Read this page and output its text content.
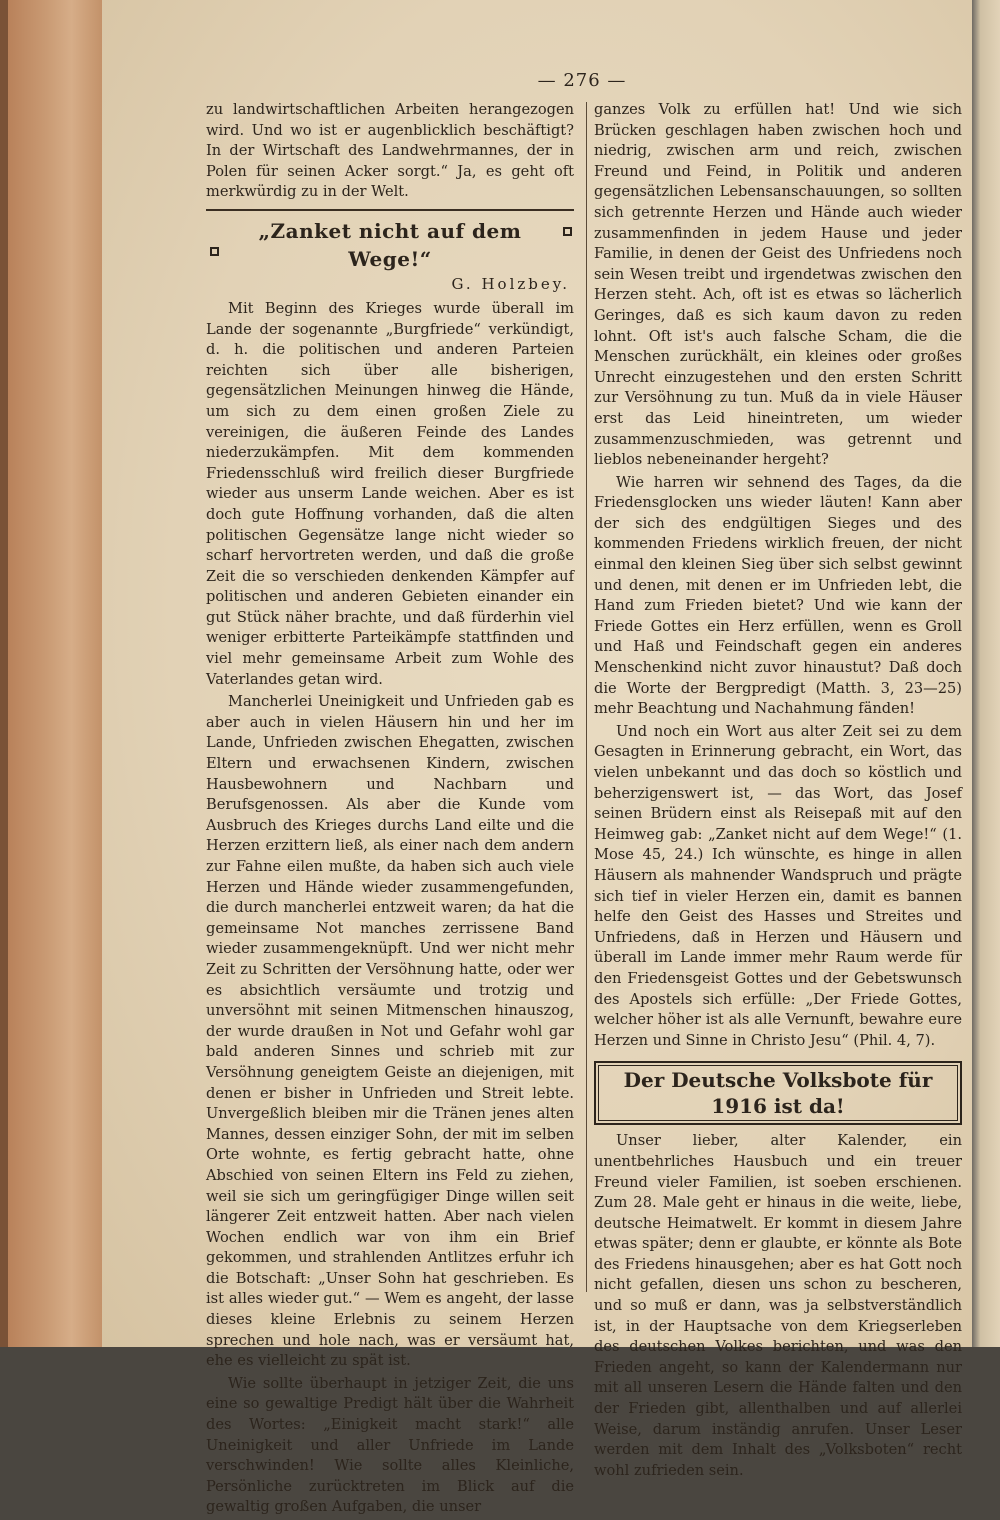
— 276 —

zu landwirtschaftlichen Arbeiten herangezogen wird. Und wo ist er augenblicklich beschäftigt? In der Wirtschaft des Landwehrmannes, der in Polen für seinen Acker sorgt.“ Ja, es geht oft merkwürdig zu in der Welt.

„Zanket nicht auf dem Wege!“
G. Holzbey.

Mit Beginn des Krieges wurde überall im Lande der sogenannte „Burgfriede“ verkündigt, d. h. die politischen und anderen Parteien reichten sich über alle bisherigen, gegensätzlichen Meinungen hinweg die Hände, um sich zu dem einen großen Ziele zu vereinigen, die äußeren Feinde des Landes niederzukämpfen. Mit dem kommenden Friedensschluß wird freilich dieser Burgfriede wieder aus unserm Lande weichen. Aber es ist doch gute Hoffnung vorhanden, daß die alten politischen Gegensätze lange nicht wieder so scharf hervortreten werden, und daß die große Zeit die so verschieden denkenden Kämpfer auf politischen und anderen Gebieten einander ein gut Stück näher brachte, und daß fürderhin viel weniger erbitterte Parteikämpfe stattfinden und viel mehr gemeinsame Arbeit zum Wohle des Vaterlandes getan wird.

Mancherlei Uneinigkeit und Unfrieden gab es aber auch in vielen Häusern hin und her im Lande, Unfrieden zwischen Ehegatten, zwischen Eltern und erwachsenen Kindern, zwischen Hausbewohnern und Nachbarn und Berufsgenossen. Als aber die Kunde vom Ausbruch des Krieges durchs Land eilte und die Herzen erzittern ließ, als einer nach dem andern zur Fahne eilen mußte, da haben sich auch viele Herzen und Hände wieder zusammengefunden, die durch mancherlei entzweit waren; da hat die gemeinsame Not manches zerrissene Band wieder zusammengeknüpft. Und wer nicht mehr Zeit zu Schritten der Versöhnung hatte, oder wer es absichtlich versäumte und trotzig und unversöhnt mit seinen Mitmenschen hinauszog, der wurde draußen in Not und Gefahr wohl gar bald anderen Sinnes und schrieb mit zur Versöhnung geneigtem Geiste an diejenigen, mit denen er bisher in Unfrieden und Streit lebte. Unvergeßlich bleiben mir die Tränen jenes alten Mannes, dessen einziger Sohn, der mit im selben Orte wohnte, es fertig gebracht hatte, ohne Abschied von seinen Eltern ins Feld zu ziehen, weil sie sich um geringfügiger Dinge willen seit längerer Zeit entzweit hatten. Aber nach vielen Wochen endlich war von ihm ein Brief gekommen, und strahlenden Antlitzes erfuhr ich die Botschaft: „Unser Sohn hat geschrieben. Es ist alles wieder gut.“ — Wem es angeht, der lasse dieses kleine Erlebnis zu seinem Herzen sprechen und hole nach, was er versäumt hat, ehe es vielleicht zu spät ist.

Wie sollte überhaupt in jetziger Zeit, die uns eine so gewaltige Predigt hält über die Wahrheit des Wortes: „Einigkeit macht stark!“ alle Uneinigkeit und aller Unfriede im Lande verschwinden! Wie sollte alles Kleinliche, Persönliche zurücktreten im Blick auf die gewaltig großen Aufgaben, die unser

ganzes Volk zu erfüllen hat! Und wie sich Brücken geschlagen haben zwischen hoch und niedrig, zwischen arm und reich, zwischen Freund und Feind, in Politik und anderen gegensätzlichen Lebensanschauungen, so sollten sich getrennte Herzen und Hände auch wieder zusammenfinden in jedem Hause und jeder Familie, in denen der Geist des Unfriedens noch sein Wesen treibt und irgendetwas zwischen den Herzen steht. Ach, oft ist es etwas so lächerlich Geringes, daß es sich kaum davon zu reden lohnt. Oft ist's auch falsche Scham, die die Menschen zurückhält, ein kleines oder großes Unrecht einzugestehen und den ersten Schritt zur Versöhnung zu tun. Muß da in viele Häuser erst das Leid hineintreten, um wieder zusammenzuschmieden, was getrennt und lieblos nebeneinander hergeht?

Wie harren wir sehnend des Tages, da die Friedensglocken uns wieder läuten! Kann aber der sich des endgültigen Sieges und des kommenden Friedens wirklich freuen, der nicht einmal den kleinen Sieg über sich selbst gewinnt und denen, mit denen er im Unfrieden lebt, die Hand zum Frieden bietet? Und wie kann der Friede Gottes ein Herz erfüllen, wenn es Groll und Haß und Feindschaft gegen ein anderes Menschenkind nicht zuvor hinaustut? Daß doch die Worte der Bergpredigt (Matth. 3, 23—25) mehr Beachtung und Nachahmung fänden!

Und noch ein Wort aus alter Zeit sei zu dem Gesagten in Erinnerung gebracht, ein Wort, das vielen unbekannt und das doch so köstlich und beherzigenswert ist, — das Wort, das Josef seinen Brüdern einst als Reisepaß mit auf den Heimweg gab: „Zanket nicht auf dem Wege!“ (1. Mose 45, 24.) Ich wünschte, es hinge in allen Häusern als mahnender Wandspruch und prägte sich tief in vieler Herzen ein, damit es bannen helfe den Geist des Hasses und Streites und Unfriedens, daß in Herzen und Häusern und überall im Lande immer mehr Raum werde für den Friedensgeist Gottes und der Gebetswunsch des Apostels sich erfülle: „Der Friede Gottes, welcher höher ist als alle Vernunft, bewahre eure Herzen und Sinne in Christo Jesu“ (Phil. 4, 7).

Der Deutsche Volksbote für 1916 ist da!

Unser lieber, alter Kalender, ein unentbehrliches Hausbuch und ein treuer Freund vieler Familien, ist soeben erschienen. Zum 28. Male geht er hinaus in die weite, liebe, deutsche Heimatwelt. Er kommt in diesem Jahre etwas später; denn er glaubte, er könnte als Bote des Friedens hinausgehen; aber es hat Gott noch nicht gefallen, diesen uns schon zu bescheren, und so muß er dann, was ja selbstverständlich ist, in der Hauptsache von dem Kriegserleben des deutschen Volkes berichten, und was den Frieden angeht, so kann der Kalendermann nur mit all unseren Lesern die Hände falten und den der Frieden gibt, allenthalben und auf allerlei Weise, darum inständig anrufen. Unser Leser werden mit dem Inhalt des „Volksboten“ recht wohl zufrieden sein.
